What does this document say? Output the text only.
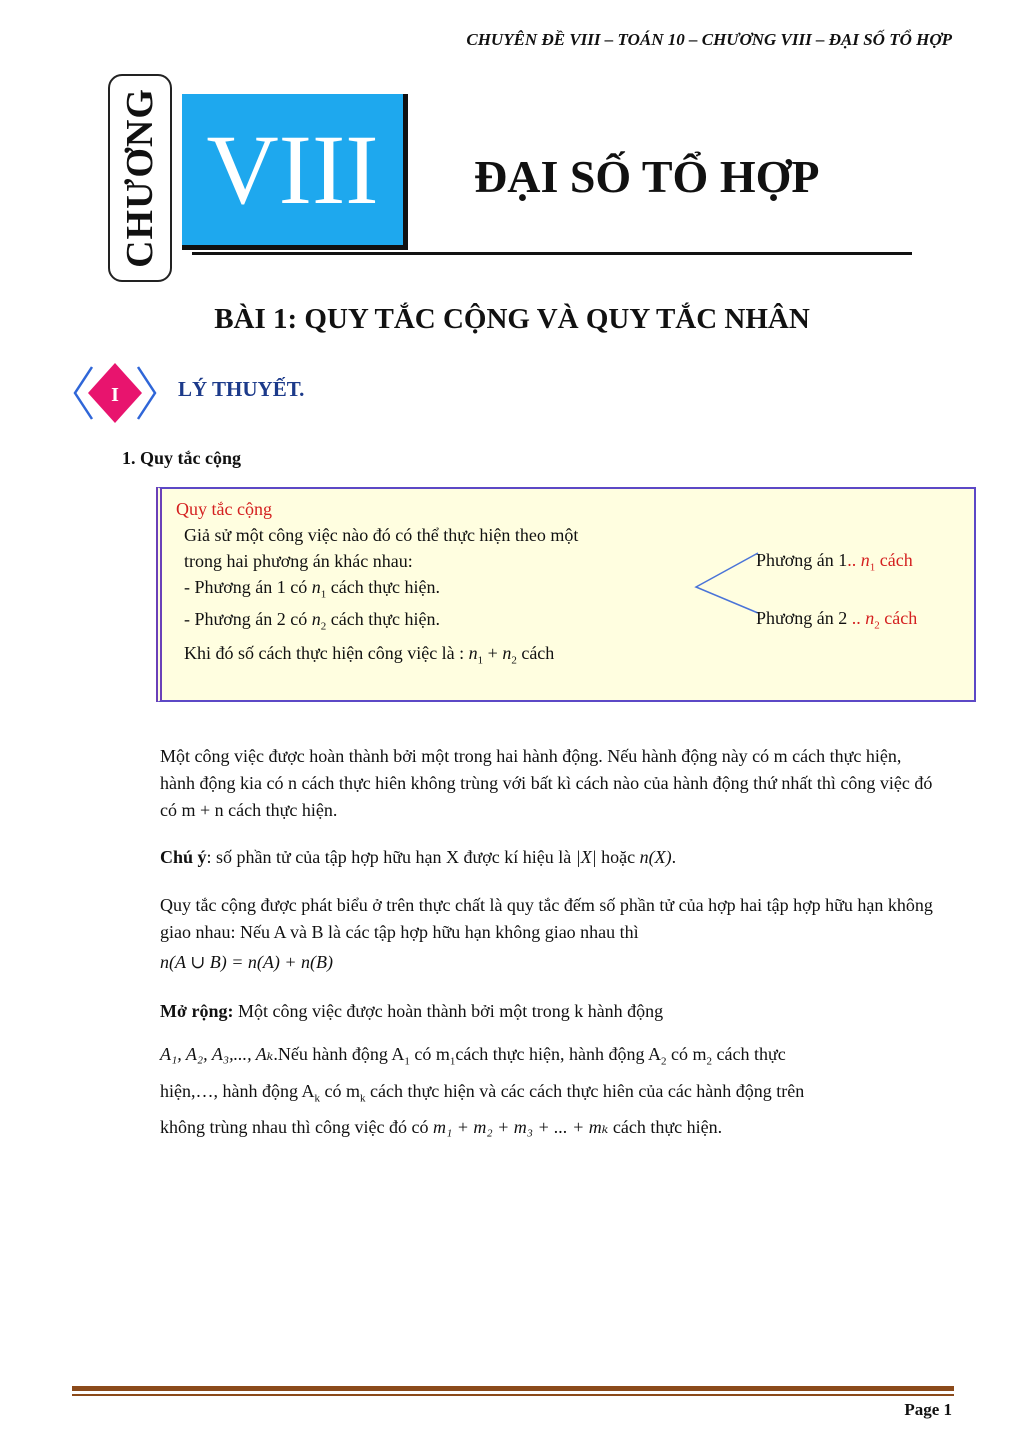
CHUYÊN ĐỀ VIII – TOÁN 10 – CHƯƠNG VIII – ĐẠI SỐ TỔ HỢP
CHƯƠNG VIII ĐẠI SỐ TỔ HỢP
BÀI 1: QUY TẮC CỘNG VÀ QUY TẮC NHÂN
I	LÝ THUYẾT.
1. Quy tắc cộng
Quy tắc cộng
Giả sử một công việc nào đó có thể thực hiện theo một
trong hai phương án khác nhau:
- Phương án 1 có $n_1$ cách thực hiện.
- Phương án 2 có $n_2$ cách thực hiện.
Khi đó số cách thực hiện công việc là : $n_1 + n_2$ cách
Phương án 1.. $n_1$ cách
Phương án 2 .. $n_2$ cách
Một công việc được hoàn thành bởi một trong hai hành động. Nếu hành động này có m cách thực hiện, hành động kia có n cách thực hiên không trùng với bất kì cách nào của hành động thứ nhất thì công việc đó có m + n cách thực hiện.
Chú ý: số phần tử của tập hợp hữu hạn X được kí hiệu là |X| hoặc n(X).
Quy tắc cộng được phát biểu ở trên thực chất là quy tắc đếm số phần tử của hợp hai tập hợp hữu hạn không giao nhau: Nếu A và B là các tập hợp hữu hạn không giao nhau thì
n(A ∪ B) = n(A) + n(B)
Mở rộng: Một công việc được hoàn thành bởi một trong k hành động
A₁, A₂, A₃,..., Aₖ.Nếu hành động $A_1$ có $m_1cách$ thực hiện, hành động $A_2$ có $m_2$ cách thực
hiện,…, hành động $A_k$ có $m_k$ cách thực hiện và các cách thực hiên của các hành động trên
không trùng nhau thì công việc đó có m₁ + m₂ + m₃ + ... + mₖ cách thực hiện.
Page 1
